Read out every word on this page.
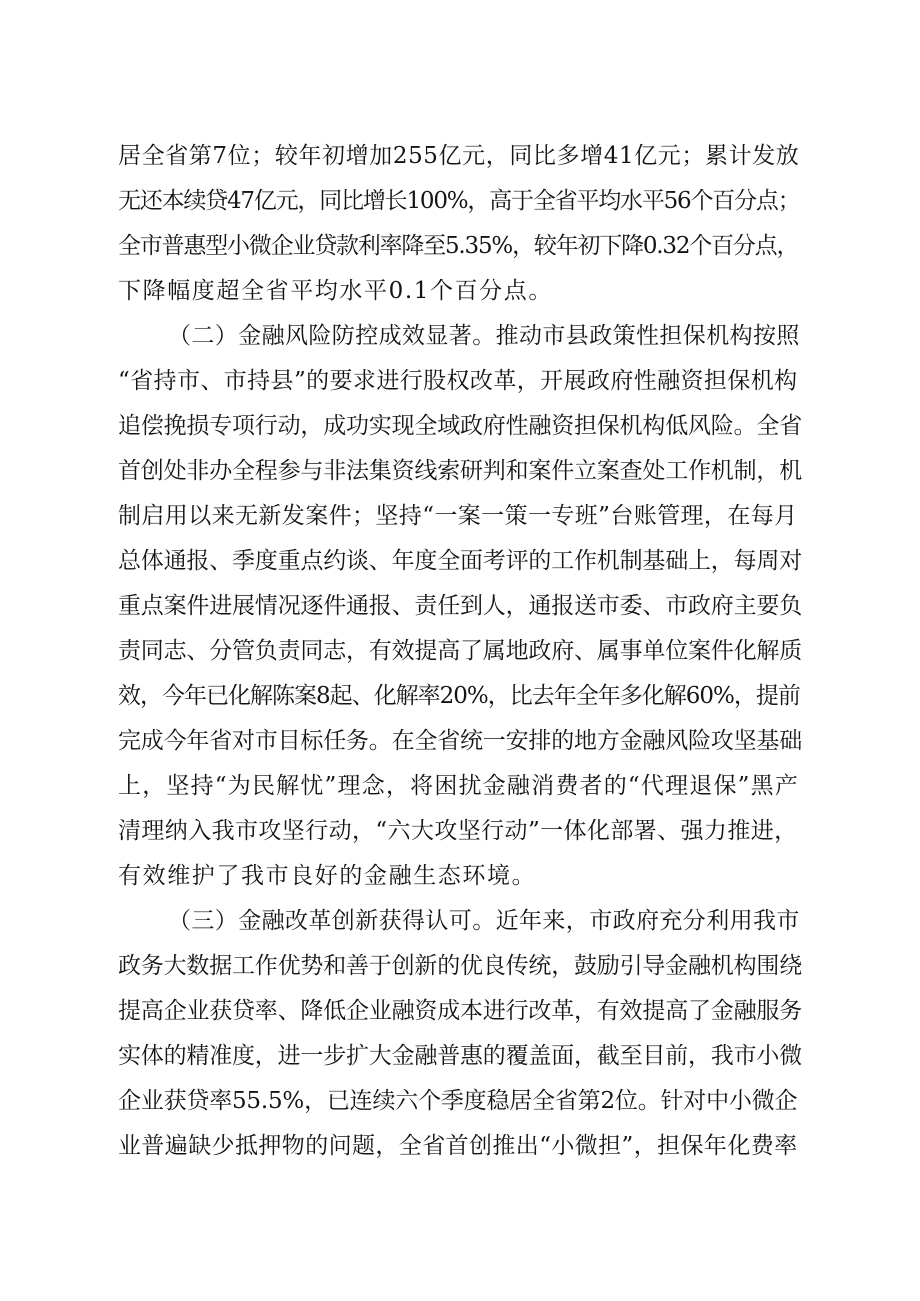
居全省第7位；较年初增加255亿元，同比多增41亿元；累计发放
无还本续贷47亿元，同比增长100%，高于全省平均水平56个百分点；
全市普惠型小微企业贷款利率降至5.35%，较年初下降0.32个百分点，
下降幅度超全省平均水平0.1个百分点。
（二）金融风险防控成效显著。推动市县政策性担保机构按照
“省持市、市持县”的要求进行股权改革，开展政府性融资担保机构
追偿挽损专项行动，成功实现全域政府性融资担保机构低风险。全省
首创处非办全程参与非法集资线索研判和案件立案查处工作机制，机
制启用以来无新发案件；坚持“一案一策一专班”台账管理，在每月
总体通报、季度重点约谈、年度全面考评的工作机制基础上，每周对
重点案件进展情况逐件通报、责任到人，通报送市委、市政府主要负
责同志、分管负责同志，有效提高了属地政府、属事单位案件化解质
效，今年已化解陈案8起、化解率20%，比去年全年多化解60%，提前
完成今年省对市目标任务。在全省统一安排的地方金融风险攻坚基础
上，坚持“为民解忧”理念，将困扰金融消费者的“代理退保”黑产
清理纳入我市攻坚行动，“六大攻坚行动”一体化部署、强力推进，
有效维护了我市良好的金融生态环境。
（三）金融改革创新获得认可。近年来，市政府充分利用我市
政务大数据工作优势和善于创新的优良传统，鼓励引导金融机构围绕
提高企业获贷率、降低企业融资成本进行改革，有效提高了金融服务
实体的精准度，进一步扩大金融普惠的覆盖面，截至目前，我市小微
企业获贷率55.5%，已连续六个季度稳居全省第2位。针对中小微企
业普遍缺少抵押物的问题，全省首创推出“小微担”，担保年化费率
